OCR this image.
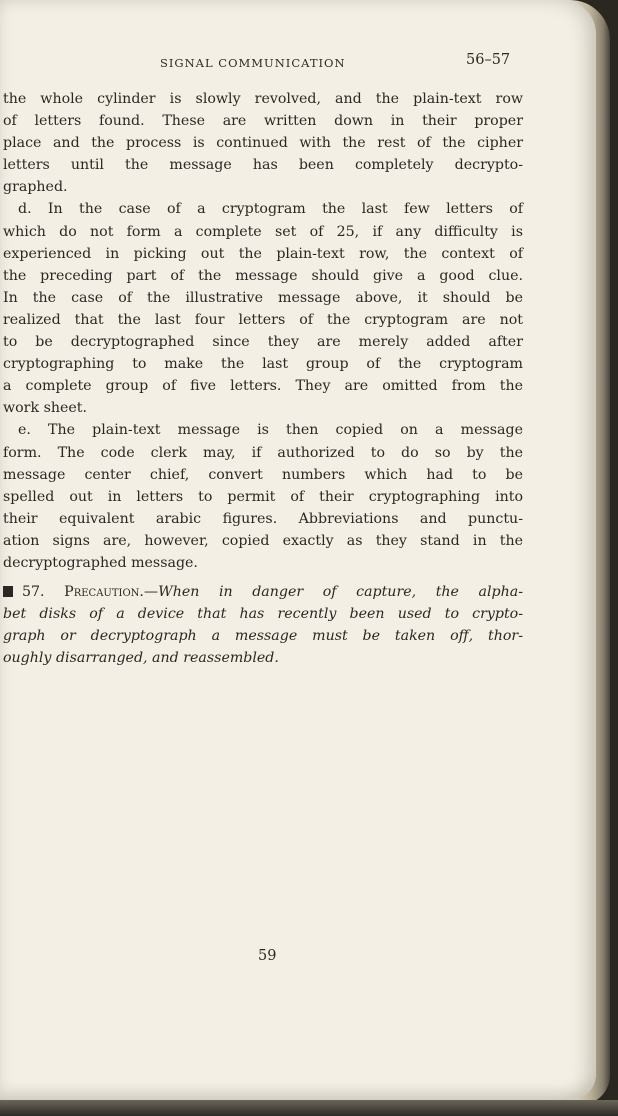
SIGNAL COMMUNICATION	56–57
the whole cylinder is slowly revolved, and the plain-text row
of letters found. These are written down in their proper
place and the process is continued with the rest of the cipher
letters until the message has been completely decrypto-
graphed.
d. In the case of a cryptogram the last few letters of
which do not form a complete set of 25, if any difficulty is
experienced in picking out the plain-text row, the context of
the preceding part of the message should give a good clue.
In the case of the illustrative message above, it should be
realized that the last four letters of the cryptogram are not
to be decryptographed since they are merely added after
cryptographing to make the last group of the cryptogram
a complete group of five letters. They are omitted from the
work sheet.
e. The plain-text message is then copied on a message
form. The code clerk may, if authorized to do so by the
message center chief, convert numbers which had to be
spelled out in letters to permit of their cryptographing into
their equivalent arabic figures. Abbreviations and punctu-
ation signs are, however, copied exactly as they stand in the
decryptographed message.
57. Precaution.—When in danger of capture, the alpha-
bet disks of a device that has recently been used to crypto-
graph or decryptograph a message must be taken off, thor-
oughly disarranged, and reassembled.
59
